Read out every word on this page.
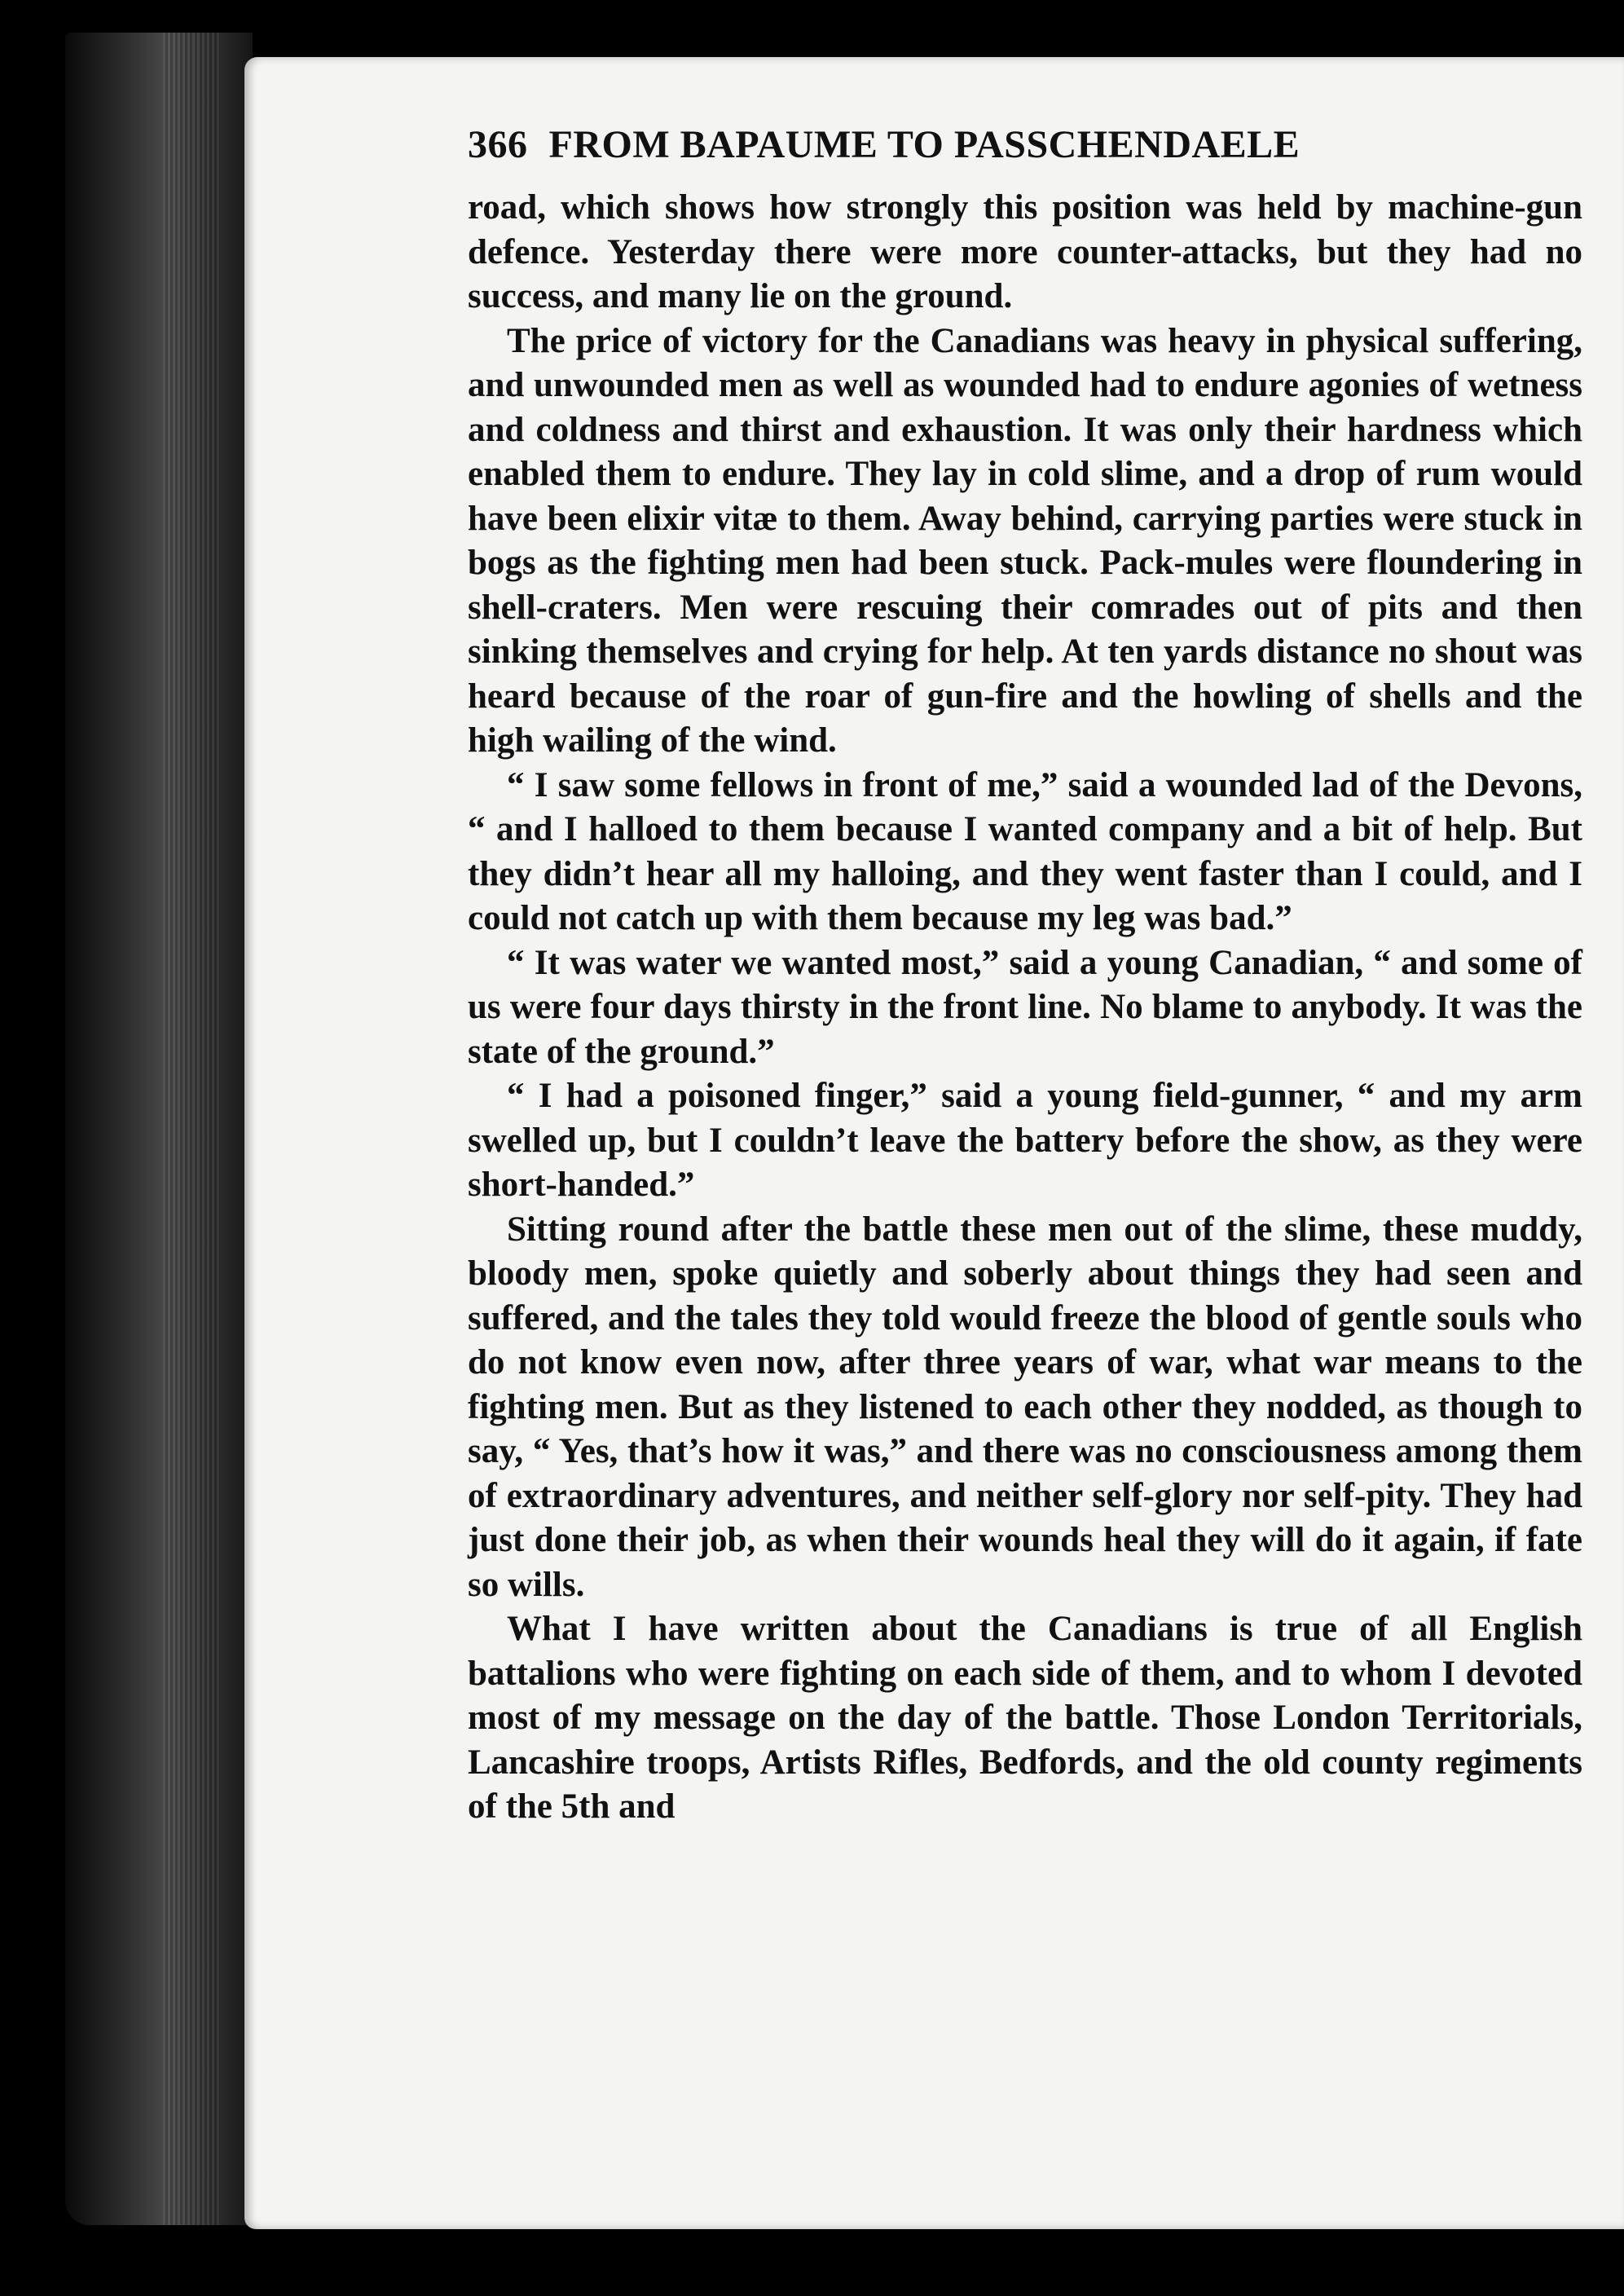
366 FROM BAPAUME TO PASSCHENDAELE

road, which shows how strongly this position was held by machine-gun defence. Yesterday there were more counter-attacks, but they had no success, and many lie on the ground.

The price of victory for the Canadians was heavy in physical suffering, and unwounded men as well as wounded had to endure agonies of wetness and coldness and thirst and exhaustion. It was only their hardness which enabled them to endure. They lay in cold slime, and a drop of rum would have been elixir vitæ to them. Away behind, carrying parties were stuck in bogs as the fighting men had been stuck. Pack-mules were floundering in shell-craters. Men were rescuing their comrades out of pits and then sinking themselves and crying for help. At ten yards distance no shout was heard because of the roar of gun-fire and the howling of shells and the high wailing of the wind.

“ I saw some fellows in front of me,” said a wounded lad of the Devons, “ and I halloed to them because I wanted company and a bit of help. But they didn’t hear all my halloing, and they went faster than I could, and I could not catch up with them because my leg was bad.”

“ It was water we wanted most,” said a young Canadian, “ and some of us were four days thirsty in the front line. No blame to anybody. It was the state of the ground.”

“ I had a poisoned finger,” said a young field-gunner, “ and my arm swelled up, but I couldn’t leave the battery before the show, as they were short-handed.”

Sitting round after the battle these men out of the slime, these muddy, bloody men, spoke quietly and soberly about things they had seen and suffered, and the tales they told would freeze the blood of gentle souls who do not know even now, after three years of war, what war means to the fighting men. But as they listened to each other they nodded, as though to say, “ Yes, that’s how it was,” and there was no consciousness among them of extraordinary adventures, and neither self-glory nor self-pity. They had just done their job, as when their wounds heal they will do it again, if fate so wills.

What I have written about the Canadians is true of all English battalions who were fighting on each side of them, and to whom I devoted most of my message on the day of the battle. Those London Territorials, Lancashire troops, Artists Rifles, Bedfords, and the old county regiments of the 5th and
